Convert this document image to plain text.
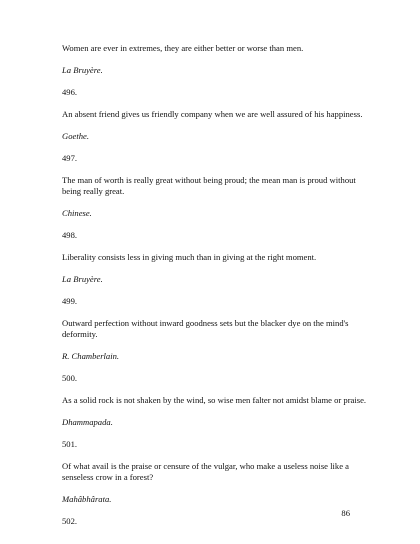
Women are ever in extremes, they are either better or worse than men.

La Bruyère.

496.

An absent friend gives us friendly company when we are well assured of his happiness.

Goethe.

497.

The man of worth is really great without being proud; the mean man is proud without being really great.

Chinese.

498.

Liberality consists less in giving much than in giving at the right moment.

La Bruyère.

499.

Outward perfection without inward goodness sets but the blacker dye on the mind's deformity.

R. Chamberlain.

500.

As a solid rock is not shaken by the wind, so wise men falter not amidst blame or praise.

Dhammapada.

501.

Of what avail is the praise or censure of the vulgar, who make a useless noise like a senseless crow in a forest?

Mahâbhârata.

502.

86
